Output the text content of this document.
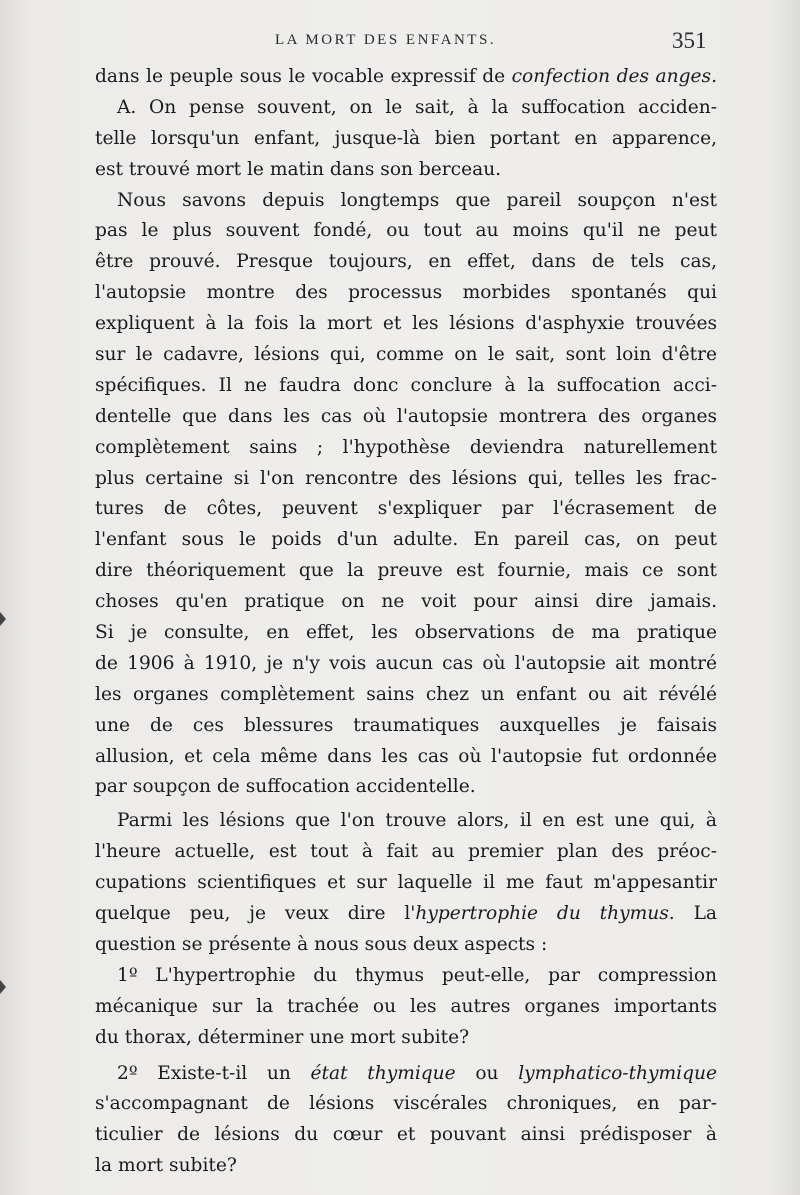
LA MORT DES ENFANTS.	351
dans le peuple sous le vocable expressif de confection des anges.
A. On pense souvent, on le sait, à la suffocation acciden-
telle lorsqu'un enfant, jusque-là bien portant en apparence,
est trouvé mort le matin dans son berceau.
Nous savons depuis longtemps que pareil soupçon n'est
pas le plus souvent fondé, ou tout au moins qu'il ne peut
être prouvé. Presque toujours, en effet, dans de tels cas,
l'autopsie montre des processus morbides spontanés qui
expliquent à la fois la mort et les lésions d'asphyxie trouvées
sur le cadavre, lésions qui, comme on le sait, sont loin d'être
spécifiques. Il ne faudra donc conclure à la suffocation acci-
dentelle que dans les cas où l'autopsie montrera des organes
complètement sains ; l'hypothèse deviendra naturellement
plus certaine si l'on rencontre des lésions qui, telles les frac-
tures de côtes, peuvent s'expliquer par l'écrasement de
l'enfant sous le poids d'un adulte. En pareil cas, on peut
dire théoriquement que la preuve est fournie, mais ce sont
choses qu'en pratique on ne voit pour ainsi dire jamais.
Si je consulte, en effet, les observations de ma pratique
de 1906 à 1910, je n'y vois aucun cas où l'autopsie ait montré
les organes complètement sains chez un enfant ou ait révélé
une de ces blessures traumatiques auxquelles je faisais
allusion, et cela même dans les cas où l'autopsie fut ordonnée
par soupçon de suffocation accidentelle.
Parmi les lésions que l'on trouve alors, il en est une qui, à
l'heure actuelle, est tout à fait au premier plan des préoc-
cupations scientifiques et sur laquelle il me faut m'appesantir
quelque peu, je veux dire l'hypertrophie du thymus. La
question se présente à nous sous deux aspects :
1º L'hypertrophie du thymus peut-elle, par compression
mécanique sur la trachée ou les autres organes importants
du thorax, déterminer une mort subite?
2º Existe-t-il un état thymique ou lymphatico-thymique
s'accompagnant de lésions viscérales chroniques, en par-
ticulier de lésions du cœur et pouvant ainsi prédisposer à
la mort subite?
